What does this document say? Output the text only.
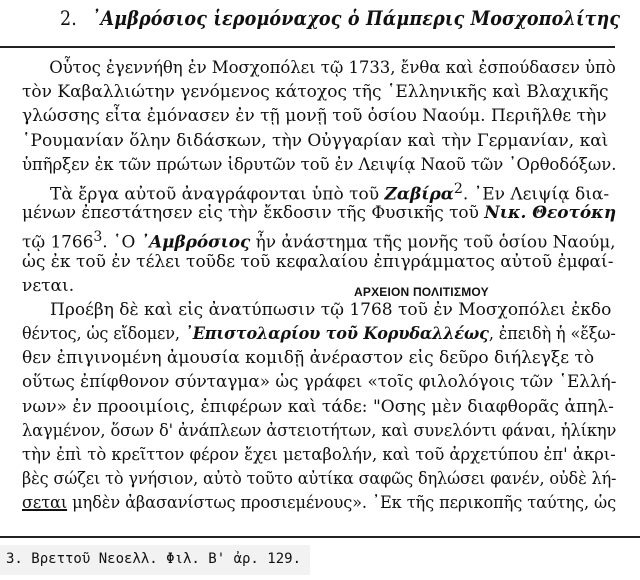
2. ᾿Αμβρόσιος ἱερομόναχος ὁ Πάμπερις Μοσχοπολίτης
Οὗτος ἐγεννήθη ἐν Μοσχοπόλει τῷ 1733, ἔνθα καὶ ἐσπούδασεν ὑπὸ
τὸν Καβαλλιώτην γενόμενος κάτοχος τῆς ῾Ελληνικῆς καὶ Βλαχικῆς
γλώσσης εἶτα ἐμόνασεν ἐν τῇ μονῇ τοῦ ὁσίου Ναούμ. Περιῆλθε τὴν
῾Ρουμανίαν ὅλην διδάσκων, τὴν Οὐγγαρίαν καὶ τὴν Γερμανίαν, καὶ
ὑπῆρξεν ἐκ τῶν πρώτων ἱδρυτῶν τοῦ ἐν Λειψίᾳ Ναοῦ τῶν ᾿Ορθοδόξων.
Τὰ ἔργα αὐτοῦ ἀναγράφονται ὑπὸ τοῦ Ζαβίρα$^2$. ᾿Εν Λειψίᾳ δια-
μένων ἐπεστάτησεν εἰς τὴν ἔκδοσιν τῆς Φυσικῆς τοῦ Νικ. Θεοτόκη
τῷ 1766$^3$. ῾Ο ᾿Αμβρόσιος ἦν ἀνάστημα τῆς μονῆς τοῦ ὁσίου Ναούμ,
ὡς ἐκ τοῦ ἐν τέλει τοῦδε τοῦ κεφαλαίου ἐπιγράμματος αὐτοῦ ἐμφαί-
νεται.
Προέβη δὲ καὶ εἰς ἀνατύπωσιν τῷ 1768 τοῦ ἐν Μοσχοπόλει ἐκδο
θέντος, ὡς εἴδομεν, ᾿Επιστολαρίου τοῦ Κορυδαλλέως, ἐπειδὴ ἡ «ἔξω-
θεν ἐπιγινομένη ἀμουσία κομιδῇ ἀνέραστον εἰς δεῦρο διήλεγξε τὸ
οὕτως ἐπίφθονον σύνταγμα» ὡς γράφει «τοῖς φιλολόγοις τῶν ῾Ελλή-
νων» ἐν προοιμίοις, ἐπιφέρων καὶ τάδε: "Οσης μὲν διαφθορᾶς ἀπηλ-
λαγμένον, ὅσων δ' ἀνάπλεων ἀστειοτήτων, καὶ συνελόντι φάναι, ἡλίκην
τὴν ἐπὶ τὸ κρεῖττον φέρον ἔχει μεταβολήν, καὶ τοῦ ἀρχετύπου ἐπ' ἀκρι-
βὲς σώζει τὸ γνήσιον, αὐτὸ τοῦτο αὐτίκα σαφῶς δηλώσει φανέν, οὐδὲ λή-
σεται μηδὲν ἀβασανίστως προσιεμένους». ᾿Εκ τῆς περικοπῆς ταύτης, ὡς
ΑΡΧΕΙΟΝ ΠΟΛΙΤΙΣΜΟΥ
3. Βρεττοῦ Νεοελλ. Φιλ. Β' ἀρ. 129.
